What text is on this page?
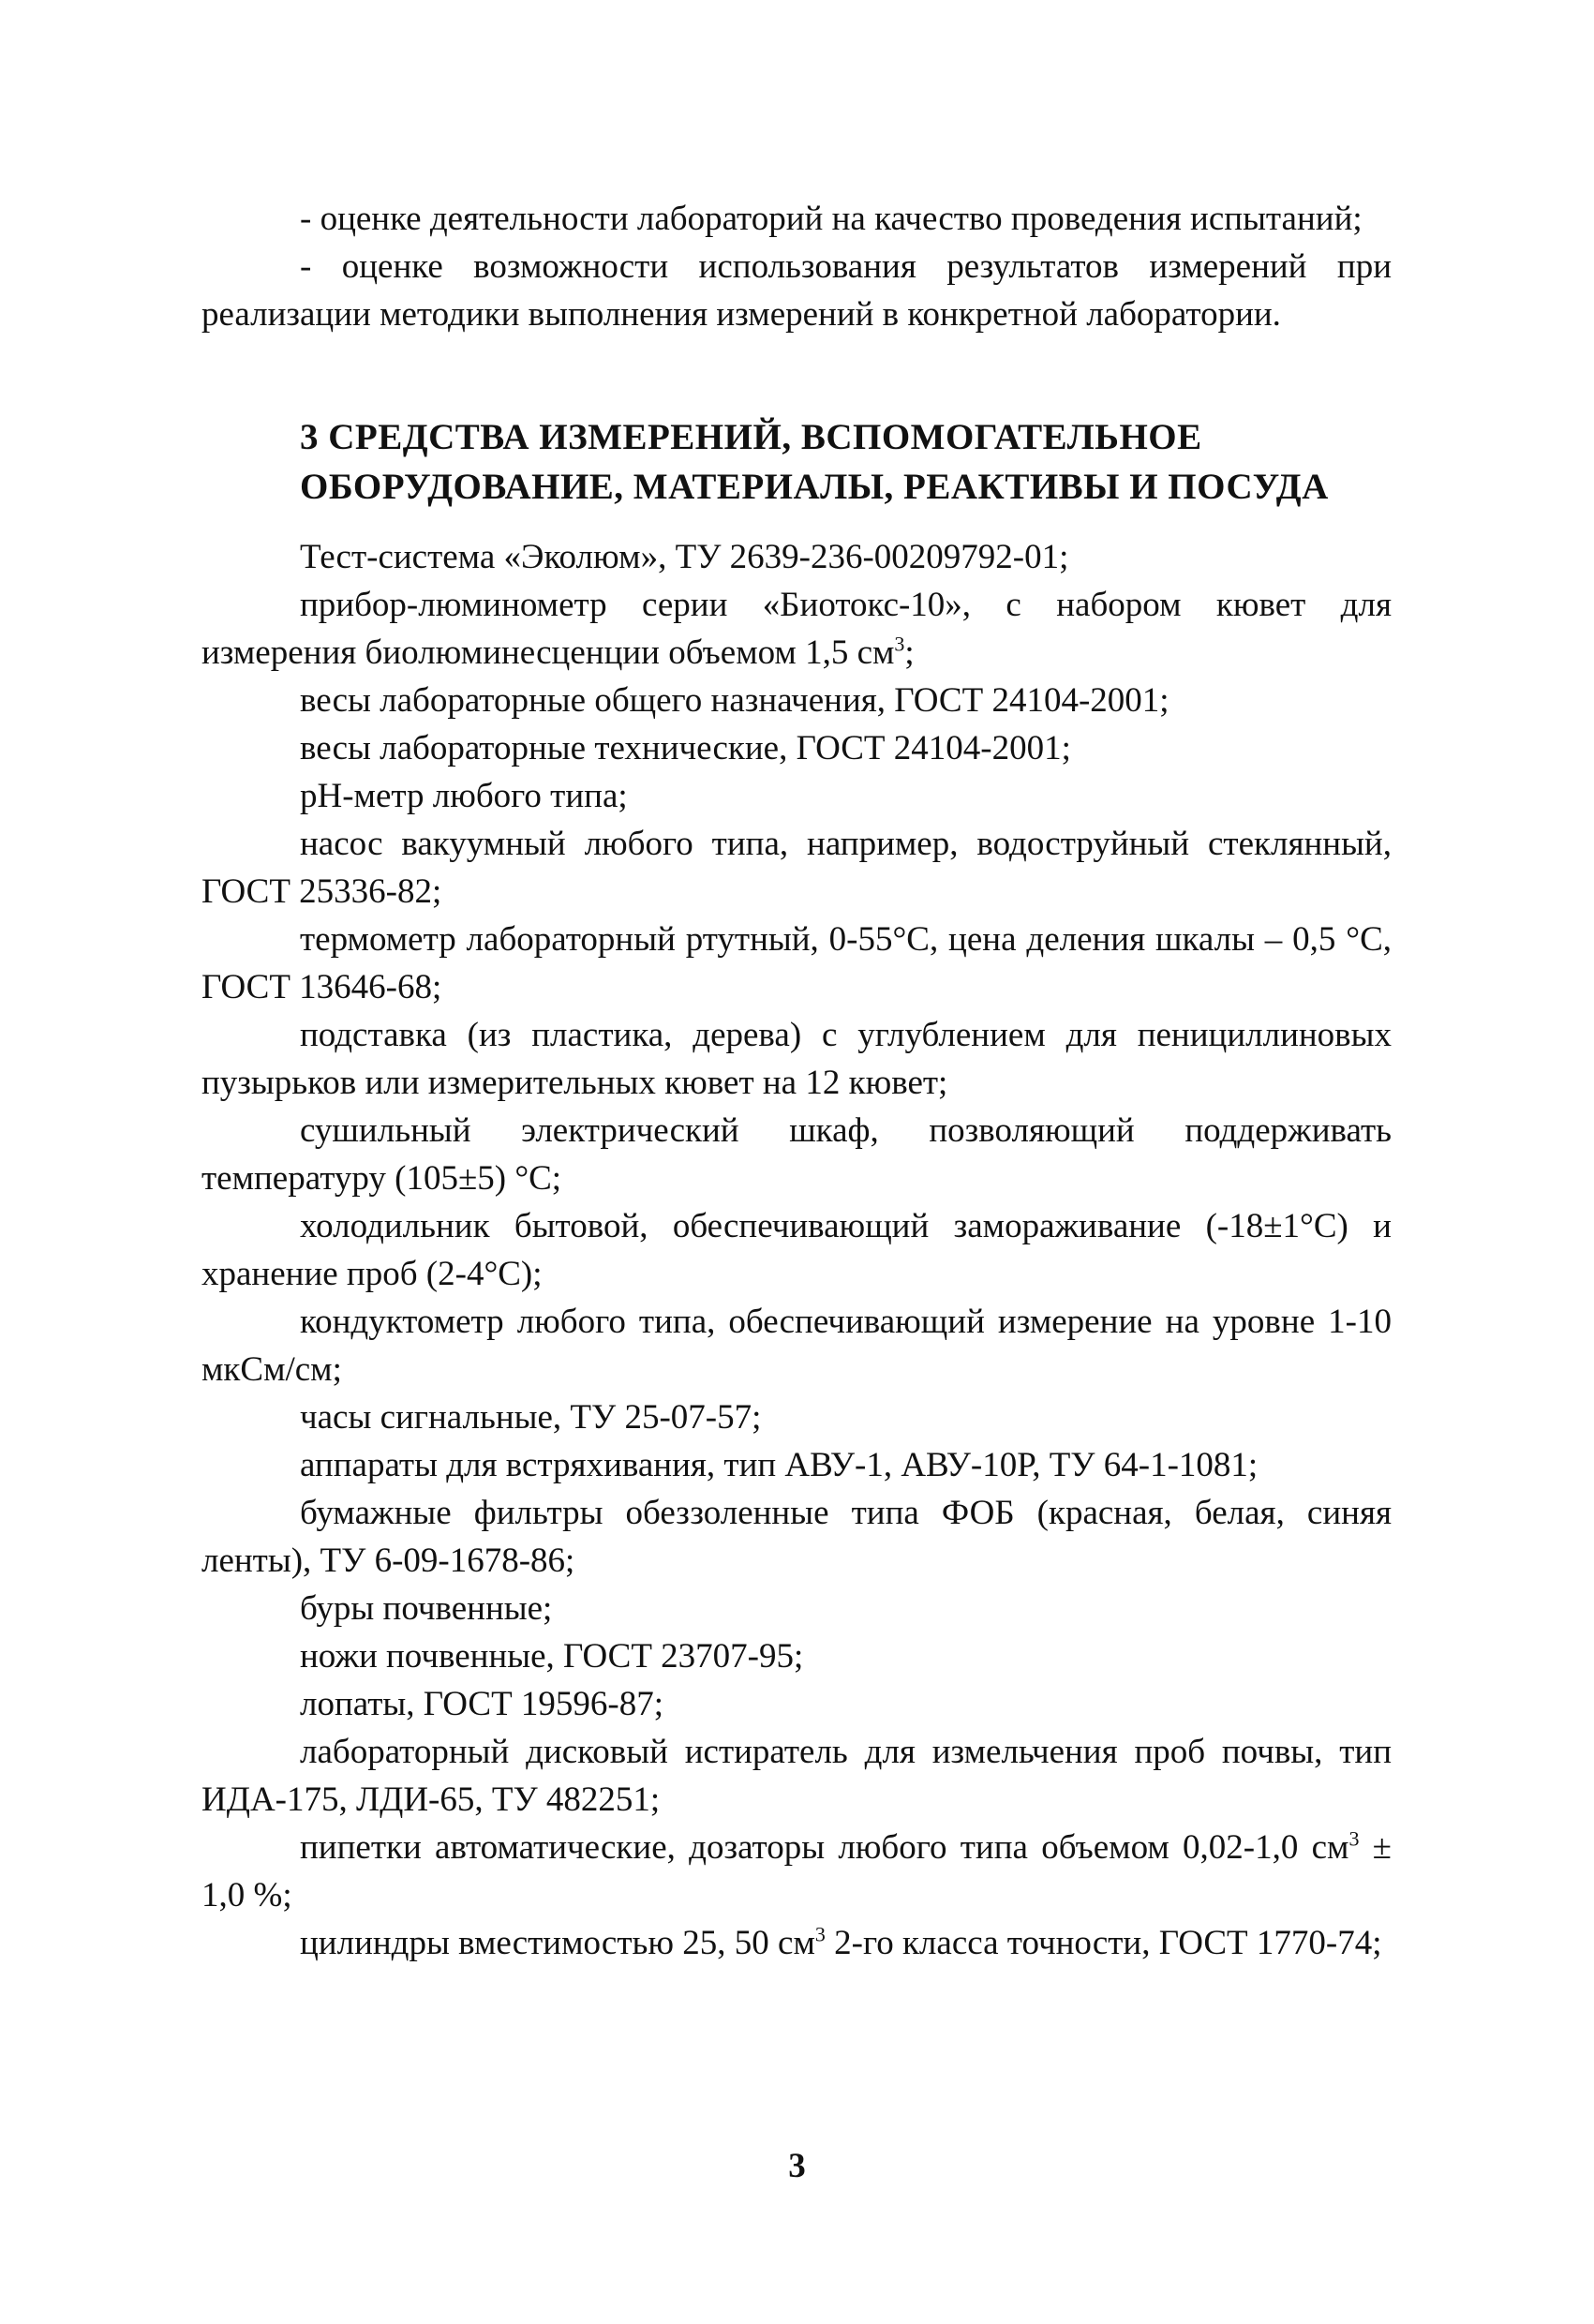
- оценке деятельности лабораторий на качество проведения испытаний;

- оценке возможности использования результатов измерений при реализации методики выполнения измерений в конкретной лаборатории.

3 СРЕДСТВА ИЗМЕРЕНИЙ, ВСПОМОГАТЕЛЬНОЕ
ОБОРУДОВАНИЕ, МАТЕРИАЛЫ, РЕАКТИВЫ И ПОСУДА

Тест-система «Эколюм», ТУ 2639-236-00209792-01;

прибор-люминометр серии «Биотокс-10», с набором кювет для измерения биолюминесценции объемом 1,5 $см^3$;

весы лабораторные общего назначения, ГОСТ 24104-2001;

весы лабораторные технические, ГОСТ 24104-2001;

рН-метр любого типа;

насос вакуумный любого типа, например, водоструйный стеклянный, ГОСТ 25336-82;

термометр лабораторный ртутный, 0-55°С, цена деления шкалы – 0,5 °С, ГОСТ 13646-68;

подставка (из пластика, дерева) с углублением для пенициллиновых пузырьков или измерительных кювет на 12 кювет;

сушильный электрический шкаф, позволяющий поддерживать температуру (105±5) °С;

холодильник бытовой, обеспечивающий замораживание (-18±1°С) и хранение проб (2-4°С);

кондуктометр любого типа, обеспечивающий измерение на уровне 1-10 мкСм/см;

часы сигнальные, ТУ 25-07-57;

аппараты для встряхивания, тип АВУ-1, АВУ-10Р, ТУ 64-1-1081;

бумажные фильтры обеззоленные типа ФОБ (красная, белая, синяя ленты), ТУ 6-09-1678-86;

буры почвенные;

ножи почвенные, ГОСТ 23707-95;

лопаты, ГОСТ 19596-87;

лабораторный дисковый истиратель для измельчения проб почвы, тип ИДА-175, ЛДИ-65, ТУ 482251;

пипетки автоматические, дозаторы любого типа объемом 0,02-1,0 $см^3 \pm 1,0$ %;

цилиндры вместимостью 25, 50 $см^3$ 2-го класса точности, ГОСТ 1770-74;

3
